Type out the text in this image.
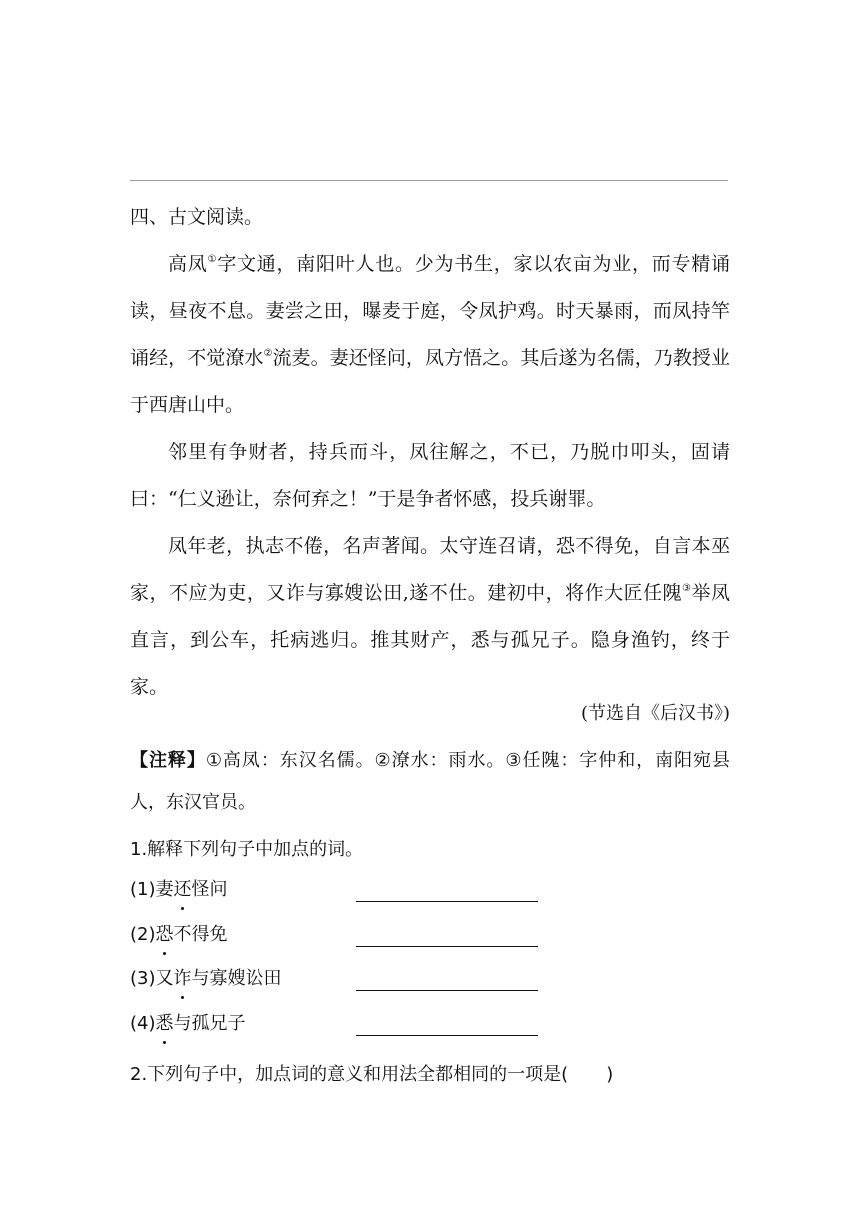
四、古文阅读。

高凤①字文通，南阳叶人也。少为书生，家以农亩为业，而专精诵读，昼夜不息。妻尝之田，曝麦于庭，令凤护鸡。时天暴雨，而凤持竿诵经，不觉潦水②流麦。妻还怪问，凤方悟之。其后遂为名儒，乃教授业于西唐山中。

邻里有争财者，持兵而斗，凤往解之，不已，乃脱巾叩头，固请曰：“仁义逊让，奈何弃之！”于是争者怀感，投兵谢罪。

凤年老，执志不倦，名声著闻。太守连召请，恐不得免，自言本巫家，不应为吏，又诈与寡嫂讼田,遂不仕。建初中，将作大匠任隗③举凤直言，到公车，托病逃归。推其财产，悉与孤兄子。隐身渔钓，终于家。

(节选自《后汉书》)

【注释】①高凤：东汉名儒。②潦水：雨水。③任隗：字仲和，南阳宛县人，东汉官员。

1.解释下列句子中加点的词。
(1)妻还怪问
(2)恐不得免
(3)又诈与寡嫂讼田
(4)悉与孤兄子
2.下列句子中，加点词的意义和用法全都相同的一项是( )
